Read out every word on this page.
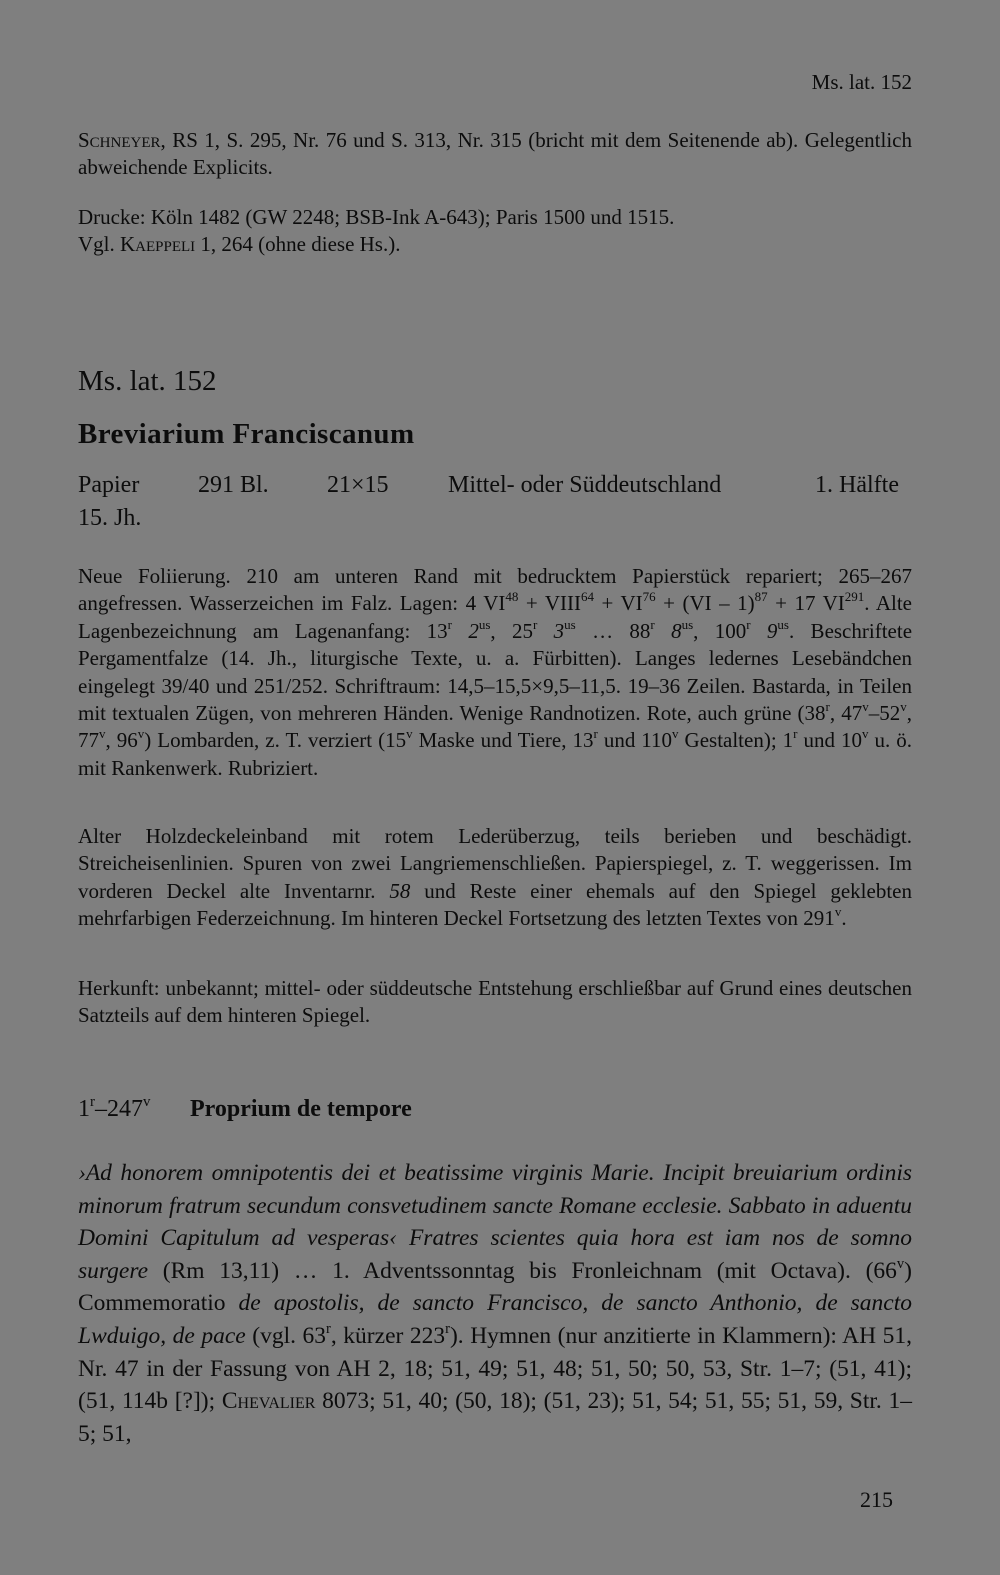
Ms. lat. 152

Schneyer, RS 1, S. 295, Nr. 76 und S. 313, Nr. 315 (bricht mit dem Seitenende ab). Gelegentlich abweichende Explicits.

Drucke: Köln 1482 (GW 2248; BSB-Ink A-643); Paris 1500 und 1515.
Vgl. Kaeppeli 1, 264 (ohne diese Hs.).

Ms. lat. 152
Breviarium Franciscanum
Papier 291 Bl. 21×15 Mittel- oder Süddeutschland	1. Hälfte
15. Jh.

Neue Foliierung. 210 am unteren Rand mit bedrucktem Papierstück repariert; 265–267 angefressen. Wasserzeichen im Falz. Lagen: 4 $VI^{48}$ + $VIII^{64} + VI^{76} + (VI - 1)^{87} + 17$ VI$^{291}$. Alte Lagenbezeichnung am Lagenanfang: 13$^r$ $2^{us}$, 25$^r$ $3^{us}$ … 88$^r$ $8^{us}$, 100$^r$ $9^{us}$. Beschriftete Pergamentfalze (14. Jh., liturgische Texte, u. a. Fürbitten). Langes ledernes Lesebändchen eingelegt 39/40 und 251/252. Schriftraum: 14,5–15,5×9,5–11,5. 19–36 Zeilen. Bastarda, in Teilen mit textualen Zügen, von mehreren Händen. Wenige Randnotizen. Rote, auch grüne (38$^r$, 47$^v$–52$^v$, 77$^v$, 96$^v$) Lombarden, z. T. verziert (15$^v$ Maske und Tiere, 13$^r$ und 110$^v$ Gestalten); 1$^r$ und 10$^v$ u. ö. mit Rankenwerk. Rubriziert.

Alter Holzdeckeleinband mit rotem Lederüberzug, teils berieben und beschädigt. Streicheisenlinien. Spuren von zwei Langriemenschließen. Papierspiegel, z. T. weggerissen. Im vorderen Deckel alte Inventarnr. 58 und Reste einer ehemals auf den Spiegel geklebten mehrfarbigen Federzeichnung. Im hinteren Deckel Fortsetzung des letzten Textes von 291$^v$.

Herkunft: unbekannt; mittel- oder süddeutsche Entstehung erschließbar auf Grund eines deutschen Satzteils auf dem hinteren Spiegel.

1$^r$–247$^v$ Proprium de tempore

›Ad honorem omnipotentis dei et beatissime virginis Marie. Incipit breuiarium ordinis minorum fratrum secundum consvetudinem sancte Romane ecclesie. Sabbato in aduentu Domini Capitulum ad vesperas‹ Fratres scientes quia hora est iam nos de somno surgere (Rm 13,11) … 1. Adventssonntag bis Fronleichnam (mit Octava). (66$^v$) Commemoratio de apostolis, de sancto Francisco, de sancto Anthonio, de sancto Lwduigo, de pace (vgl. 63$^r$, kürzer 223$^r$). Hymnen (nur anzitierte in Klammern): AH 51, Nr. 47 in der Fassung von AH 2, 18; 51, 49; 51, 48; 51, 50; 50, 53, Str. 1–7; (51, 41); (51, 114b [?]); Chevalier 8073; 51, 40; (50, 18); (51, 23); 51, 54; 51, 55; 51, 59, Str. 1–5; 51,

215
